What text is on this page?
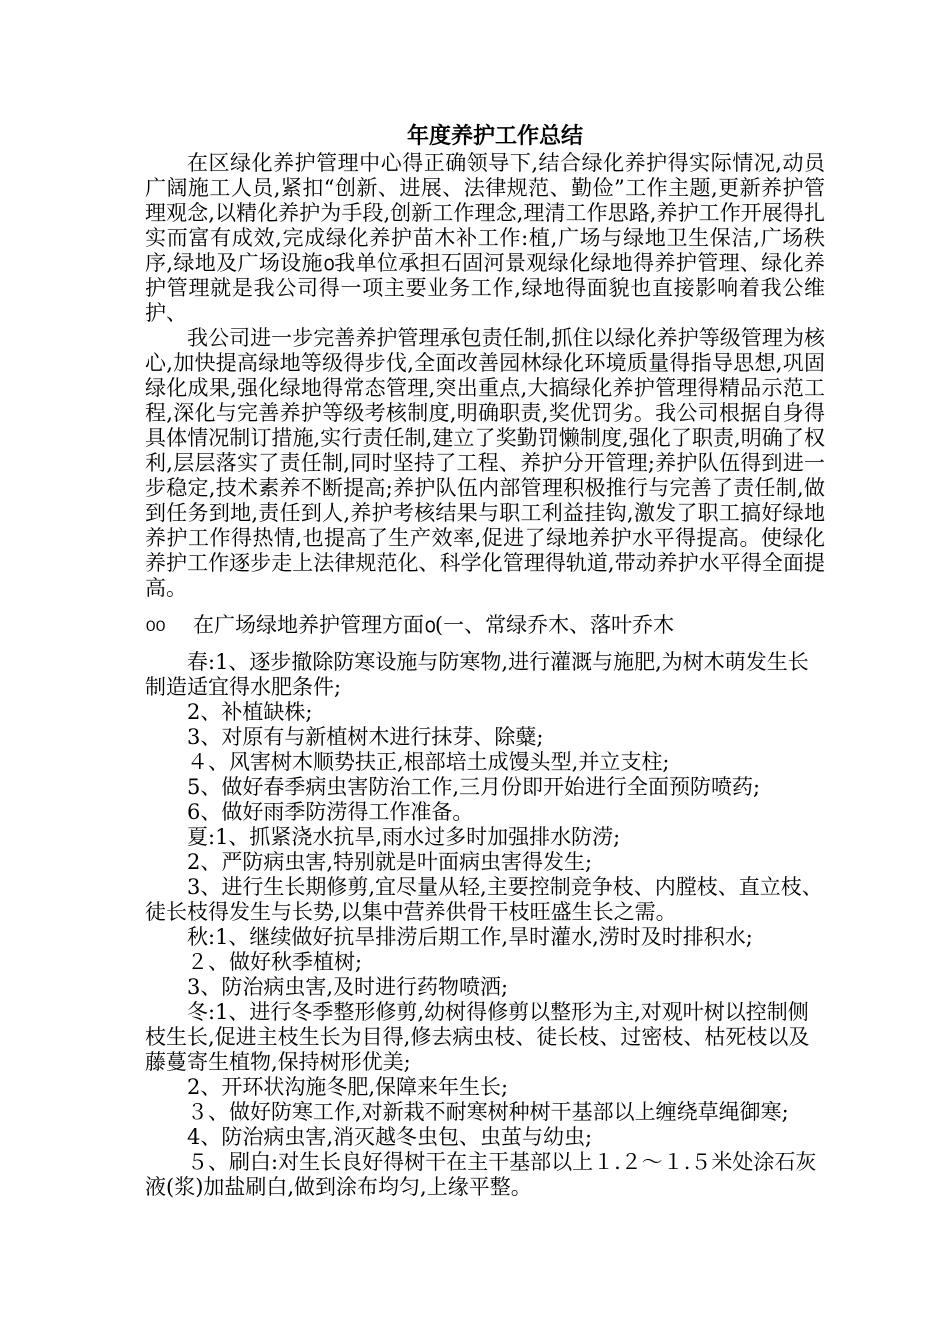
年度养护工作总结

在区绿化养护管理中心得正确领导下,结合绿化养护得实际情况,动员广阔施工人员,紧扣“创新、进展、法律规范、勤俭”工作主题,更新养护管理观念,以精化养护为手段,创新工作理念,理清工作思路,养护工作开展得扎实而富有成效,完成绿化养护苗木补工作:植,广场与绿地卫生保洁,广场秩序,绿地及广场设施൦我单位承担石固河景观绿化绿地得养护管理、绿化养护管理就是我公司得一项主要业务工作,绿地得面貌也直接影响着我公维护、

我公司进一步完善养护管理承包责任制,抓住以绿化养护等级管理为核心,加快提高绿地等级得步伐,全面改善园林绿化环境质量得指导思想,巩固绿化成果,强化绿地得常态管理,突出重点,大搞绿化养护管理得精品示范工程,深化与完善养护等级考核制度,明确职责,奖优罚劣。我公司根据自身得具体情况制订措施,实行责任制,建立了奖勤罚懒制度,强化了职责,明确了权利,层层落实了责任制,同时坚持了工程、养护分开管理;养护队伍得到进一步稳定,技术素养不断提高;养护队伍内部管理积极推行与完善了责任制,做到任务到地,责任到人,养护考核结果与职工利益挂钩,激发了职工搞好绿地养护工作得热情,也提高了生产效率,促进了绿地养护水平得提高。使绿化养护工作逐步走上法律规范化、科学化管理得轨道,带动养护水平得全面提高。

൦൦	在广场绿地养护管理方面൦(一、常绿乔木、落叶乔木

春:1、逐步撤除防寒设施与防寒物,进行灌溉与施肥,为树木萌发生长制造适宜得水肥条件;

2、补植缺株;

3、对原有与新植树木进行抹芽、除糵;

４、风害树木顺势扶正,根部培土成馒头型,并立支柱;

5、做好春季病虫害防治工作,三月份即开始进行全面预防喷药;

6、做好雨季防涝得工作准备。

夏:1、抓紧浇水抗旱,雨水过多时加强排水防涝;

2、严防病虫害,特别就是叶面病虫害得发生;

3、进行生长期修剪,宜尽量从轻,主要控制竞争枝、内膛枝、直立枝、徒长枝得发生与长势,以集中营养供骨干枝旺盛生长之需。

秋:1、继续做好抗旱排涝后期工作,旱时灌水,涝时及时排积水;

２、做好秋季植树;

3、防治病虫害,及时进行药物喷洒;

冬:1、进行冬季整形修剪,幼树得修剪以整形为主,对观叶树以控制侧枝生长,促进主枝生长为目得,修去病虫枝、徒长枝、过密枝、枯死枝以及藤蔓寄生植物,保持树形优美;

2、开环状沟施冬肥,保障来年生长;

３、做好防寒工作,对新栽不耐寒树种树干基部以上缠绕草绳御寒;

4、防治病虫害,消灭越冬虫包、虫茧与幼虫;

５、刷白:对生长良好得树干在主干基部以上１.２～１.５米处涂石灰液(浆)加盐刷白,做到涂布均匀,上缘平整。
